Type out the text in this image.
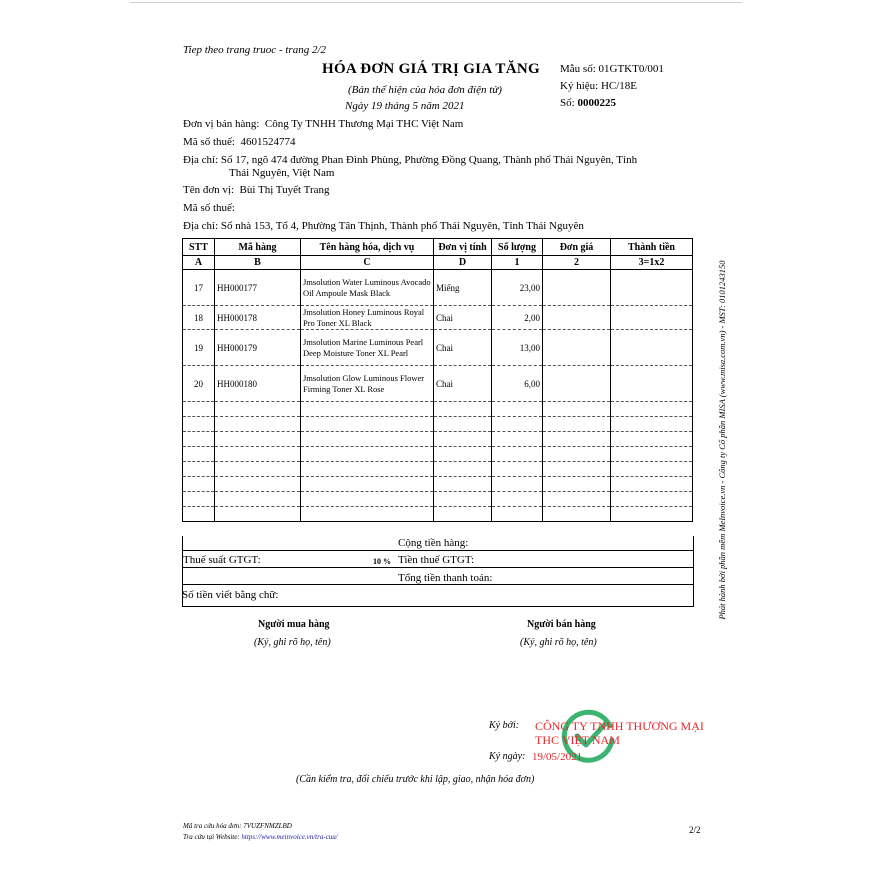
Tiep theo trang truoc - trang 2/2
HÓA ĐƠN GIÁ TRỊ GIA TĂNG
(Bản thể hiện của hóa đơn điện tử)
Ngày 19 tháng 5 năm 2021
Mẫu số: 01GTKT0/001
Ký hiệu: HC/18E
Số: 0000225
Đơn vị bán hàng: Công Ty TNHH Thương Mại THC Việt Nam
Mã số thuế: 4601524774
Địa chỉ: Số 17, ngõ 474 đường Phan Đình Phùng, Phường Đồng Quang, Thành phố Thái Nguyên, Tỉnh
Thái Nguyên, Việt Nam
Tên đơn vị: Bùi Thị Tuyết Trang
Mã số thuế:
Địa chỉ: Số nhà 153, Tổ 4, Phường Tân Thịnh, Thành phố Thái Nguyên, Tỉnh Thái Nguyên
STT	Mã hàng	Tên hàng hóa, dịch vụ	Đơn vị tính	Số lượng	Đơn giá	Thành tiền
A	B	C	D	1	2	3=1x2
17	HH000177	Jmsolution Water Luminous Avocado Oil Ampoule Mask Black	Miếng	23,00		
18	HH000178	Jmsolution Honey Luminous Royal Pro Toner XL Black	Chai	2,00		
19	HH000179	Jmsolution Marine Luminous Pearl Deep Moisture Toner XL Pearl	Chai	13,00		
20	HH000180	Jmsolution Glow Luminous Flower Firming Toner XL Rose	Chai	6,00		

Cộng tiền hàng:
Thuế suất GTGT:	10 % Tiền thuế GTGT:
Tổng tiền thanh toán:
Số tiền viết bằng chữ:
Người mua hàng
(Ký, ghi rõ họ, tên)
Người bán hàng
(Ký, ghi rõ họ, tên)
Ký bởi: CÔNG TY TNHH THƯƠNG MẠI
THC VIỆT NAM
Ký ngày: 19/05/2021
(Cần kiểm tra, đối chiếu trước khi lập, giao, nhận hóa đơn)
Mã tra cứu hóa đơn: 7VUZFNMZLBD
Tra cứu tại Website: https://www.meinvoice.vn/tra-cuu/
2/2
Phát hành bởi phần mềm MeInvoice.vn - Công ty Cổ phần MISA (www.misa.com.vn) - MST: 0101243150
